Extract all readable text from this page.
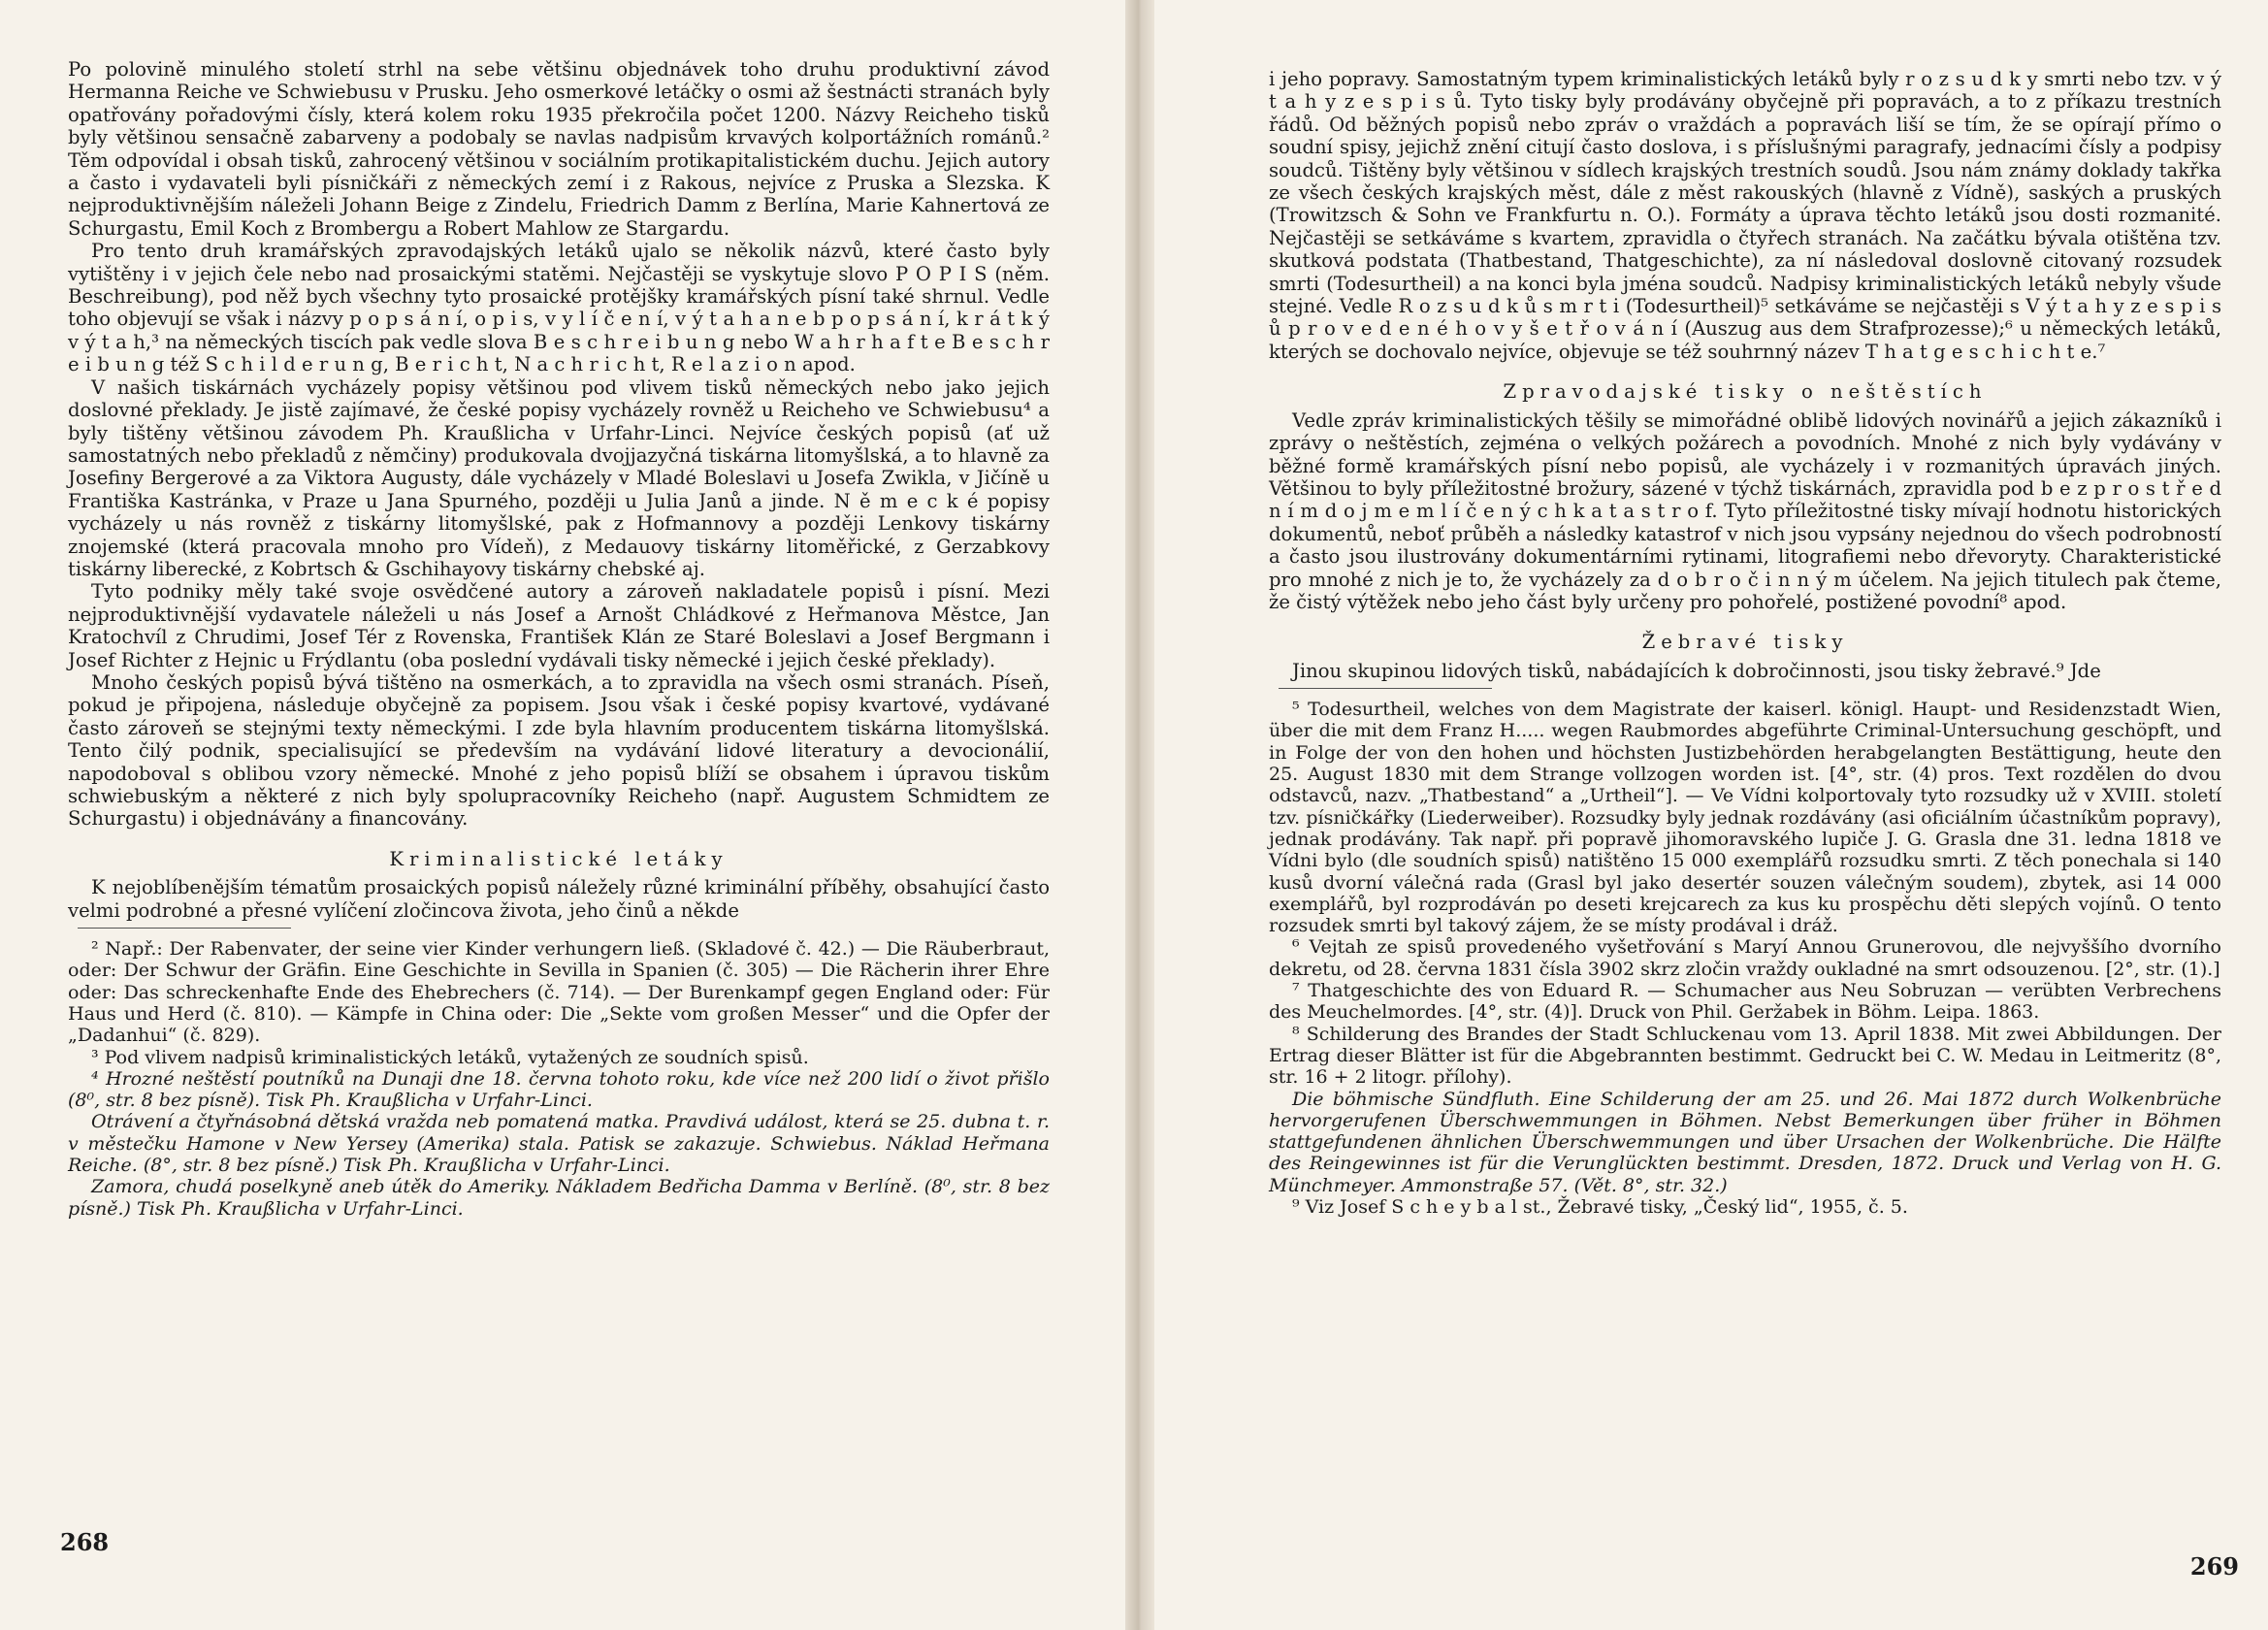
Po polovině minulého století strhl na sebe většinu objednávek toho druhu produktivní závod Hermanna Reiche ve Schwiebusu v Prusku. Jeho osmerkové letáčky o osmi až šestnácti stranách byly opatřovány pořadovými čísly, která kolem roku 1935 překročila počet 1200. Názvy Reicheho tisků byly většinou sensačně zabarveny a podobaly se navlas nadpisům krvavých kolportážních románů.² Těm odpovídal i obsah tisků, zahrocený většinou v sociálním protikapitalistickém duchu. Jejich autory a často i vydavateli byli písničkáři z německých zemí i z Rakous, nejvíce z Pruska a Slezska. K nejproduktivnějším náleželi Johann Beige z Zindelu, Friedrich Damm z Berlína, Marie Kahnertová ze Schurgastu, Emil Koch z Brombergu a Robert Mahlow ze Stargardu.

Pro tento druh kramářských zpravodajských letáků ujalo se několik názvů, které často byly vytištěny i v jejich čele nebo nad prosaickými statěmi. Nejčastěji se vyskytuje slovo P O P I S (něm. Beschreibung), pod něž bych všechny tyto prosaické protějšky kramářských písní také shrnul. Vedle toho objevují se však i názvy p o p s á n í, o p i s, v y l í č e n í, v ý t a h a n e b p o p s á n í, k r á t k ý v ý t a h,³ na německých tiscích pak vedle slova B e s c h r e i b u n g nebo W a h r h a f t e B e s c h r e i b u n g též S c h i l d e r u n g, B e r i c h t, N a c h r i c h t, R e l a z i o n apod.

V našich tiskárnách vycházely popisy většinou pod vlivem tisků německých nebo jako jejich doslovné překlady. Je jistě zajímavé, že české popisy vycházely rovněž u Reicheho ve Schwiebusu⁴ a byly tištěny většinou závodem Ph. Kraußlicha v Urfahr-Linci. Nejvíce českých popisů (ať už samostatných nebo překladů z němčiny) produkovala dvojjazyčná tiskárna litomyšlská, a to hlavně za Josefiny Bergerové a za Viktora Augusty, dále vycházely v Mladé Boleslavi u Josefa Zwikla, v Jičíně u Františka Kastránka, v Praze u Jana Spurného, později u Julia Janů a jinde. N ě m e c k é popisy vycházely u nás rovněž z tiskárny litomyšlské, pak z Hofmannovy a později Lenkovy tiskárny znojemské (která pracovala mnoho pro Vídeň), z Medauovy tiskárny litoměřické, z Gerzabkovy tiskárny liberecké, z Kobrtsch & Gschihayovy tiskárny chebské aj.

Tyto podniky měly také svoje osvědčené autory a zároveň nakladatele popisů i písní. Mezi nejproduktivnější vydavatele náleželi u nás Josef a Arnošt Chládkové z Heřmanova Městce, Jan Kratochvíl z Chrudimi, Josef Tér z Rovenska, František Klán ze Staré Boleslavi a Josef Bergmann i Josef Richter z Hejnic u Frýdlantu (oba poslední vydávali tisky německé i jejich české překlady).

Mnoho českých popisů bývá tištěno na osmerkách, a to zpravidla na všech osmi stranách. Píseň, pokud je připojena, následuje obyčejně za popisem. Jsou však i české popisy kvartové, vydávané často zároveň se stejnými texty německými. I zde byla hlavním producentem tiskárna litomyšlská. Tento čilý podnik, specialisující se především na vydávání lidové literatury a devocionálií, napodoboval s oblibou vzory německé. Mnohé z jeho popisů blíží se obsahem i úpravou tiskům schwiebuským a některé z nich byly spolupracovníky Reicheho (např. Augustem Schmidtem ze Schurgastu) i objednávány a financovány.

Kriminalistické letáky

K nejoblíbenějším tématům prosaických popisů náležely různé kriminální příběhy, obsahující často velmi podrobné a přesné vylíčení zločincova života, jeho činů a někde

² Např.: Der Rabenvater, der seine vier Kinder verhungern ließ. (Skladové č. 42.) — Die Räuberbraut, oder: Der Schwur der Gräfin. Eine Geschichte in Sevilla in Spanien (č. 305) — Die Rächerin ihrer Ehre oder: Das schreckenhafte Ende des Ehebrechers (č. 714). — Der Burenkampf gegen England oder: Für Haus und Herd (č. 810). — Kämpfe in China oder: Die „Sekte vom großen Messer“ und die Opfer der „Dadanhui“ (č. 829).

³ Pod vlivem nadpisů kriminalistických letáků, vytažených ze soudních spisů.

⁴ Hrozné neštěstí poutníků na Dunaji dne 18. června tohoto roku, kde více než 200 lidí o život přišlo (8⁰, str. 8 bez písně). Tisk Ph. Kraußlicha v Urfahr-Linci.

Otrávení a čtyřnásobná dětská vražda neb pomatená matka. Pravdivá událost, která se 25. dubna t. r. v městečku Hamone v New Yersey (Amerika) stala. Patisk se zakazuje. Schwiebus. Náklad Heřmana Reiche. (8°, str. 8 bez písně.) Tisk Ph. Kraußlicha v Urfahr-Linci.

Zamora, chudá poselkyně aneb útěk do Ameriky. Nákladem Bedřicha Damma v Berlíně. (8⁰, str. 8 bez písně.) Tisk Ph. Kraußlicha v Urfahr-Linci.

268

i jeho popravy. Samostatným typem kriminalistických letáků byly r o z s u d k y smrti nebo tzv. v ý t a h y z e s p i s ů. Tyto tisky byly prodávány obyčejně při popravách, a to z příkazu trestních řádů. Od běžných popisů nebo zpráv o vraždách a popravách liší se tím, že se opírají přímo o soudní spisy, jejichž znění citují často doslova, i s příslušnými paragrafy, jednacími čísly a podpisy soudců. Tištěny byly většinou v sídlech krajských trestních soudů. Jsou nám známy doklady takřka ze všech českých krajských měst, dále z měst rakouských (hlavně z Vídně), saských a pruských (Trowitzsch & Sohn ve Frankfurtu n. O.). Formáty a úprava těchto letáků jsou dosti rozmanité. Nejčastěji se setkáváme s kvartem, zpravidla o čtyřech stranách. Na začátku bývala otištěna tzv. skutková podstata (Thatbestand, Thatgeschichte), za ní následoval doslovně citovaný rozsudek smrti (Todesurtheil) a na konci byla jména soudců. Nadpisy kriminalistických letáků nebyly všude stejné. Vedle R o z s u d k ů s m r t i (Todesurtheil)⁵ setkáváme se nejčastěji s V ý t a h y z e s p i s ů p r o v e d e n é h o v y š e t ř o v á n í (Auszug aus dem Strafprozesse);⁶ u německých letáků, kterých se dochovalo nejvíce, objevuje se též souhrnný název T h a t g e s c h i c h t e.⁷

Zpravodajské tisky o neštěstích

Vedle zpráv kriminalistických těšily se mimořádné oblibě lidových novinářů a jejich zákazníků i zprávy o neštěstích, zejména o velkých požárech a povodních. Mnohé z nich byly vydávány v běžné formě kramářských písní nebo popisů, ale vycházely i v rozmanitých úpravách jiných. Většinou to byly příležitostné brožury, sázené v týchž tiskárnách, zpravidla pod b e z p r o s t ř e d n í m d o j m e m l í č e n ý c h k a t a s t r o f. Tyto příležitostné tisky mívají hodnotu historických dokumentů, neboť průběh a následky katastrof v nich jsou vypsány nejednou do všech podrobností a často jsou ilustrovány dokumentárními rytinami, litografiemi nebo dřevoryty. Charakteristické pro mnohé z nich je to, že vycházely za d o b r o č i n n ý m účelem. Na jejich titulech pak čteme, že čistý výtěžek nebo jeho část byly určeny pro pohořelé, postižené povodní⁸ apod.

Žebravé tisky

Jinou skupinou lidových tisků, nabádajících k dobročinnosti, jsou tisky žebravé.⁹ Jde

⁵ Todesurtheil, welches von dem Magistrate der kaiserl. königl. Haupt- und Residenzstadt Wien, über die mit dem Franz H..... wegen Raubmordes abgeführte Criminal-Untersuchung geschöpft, und in Folge der von den hohen und höchsten Justizbehörden herabgelangten Bestättigung, heute den 25. August 1830 mit dem Strange vollzogen worden ist. [4°, str. (4) pros. Text rozdělen do dvou odstavců, nazv. „Thatbestand“ a „Urtheil“]. — Ve Vídni kolportovaly tyto rozsudky už v XVIII. století tzv. písničkářky (Liederweiber). Rozsudky byly jednak rozdávány (asi oficiálním účastníkům popravy), jednak prodávány. Tak např. při popravě jihomoravského lupiče J. G. Grasla dne 31. ledna 1818 ve Vídni bylo (dle soudních spisů) natištěno 15 000 exemplářů rozsudku smrti. Z těch ponechala si 140 kusů dvorní válečná rada (Grasl byl jako desertér souzen válečným soudem), zbytek, asi 14 000 exemplářů, byl rozprodáván po deseti krejcarech za kus ku prospěchu děti slepých vojínů. O tento rozsudek smrti byl takový zájem, že se místy prodával i dráž.

⁶ Vejtah ze spisů provedeného vyšetřování s Maryí Annou Grunerovou, dle nejvyššího dvorního dekretu, od 28. června 1831 čísla 3902 skrz zločin vraždy oukladné na smrt odsouzenou. [2°, str. (1).]

⁷ Thatgeschichte des von Eduard R. — Schumacher aus Neu Sobruzan — verübten Verbrechens des Meuchelmordes. [4°, str. (4)]. Druck von Phil. Geržabek in Böhm. Leipa. 1863.

⁸ Schilderung des Brandes der Stadt Schluckenau vom 13. April 1838. Mit zwei Abbildungen. Der Ertrag dieser Blätter ist für die Abgebrannten bestimmt. Gedruckt bei C. W. Medau in Leitmeritz (8°, str. 16 + 2 litogr. přílohy).

Die böhmische Sündfluth. Eine Schilderung der am 25. und 26. Mai 1872 durch Wolkenbrüche hervorgerufenen Überschwemmungen in Böhmen. Nebst Bemerkungen über früher in Böhmen stattgefundenen ähnlichen Überschwemmungen und über Ursachen der Wolkenbrüche. Die Hälfte des Reingewinnes ist für die Verunglückten bestimmt. Dresden, 1872. Druck und Verlag von H. G. Münchmeyer. Ammonstraße 57. (Vět. 8°, str. 32.)

⁹ Viz Josef S c h e y b a l st., Žebravé tisky, „Český lid“, 1955, č. 5.

269
